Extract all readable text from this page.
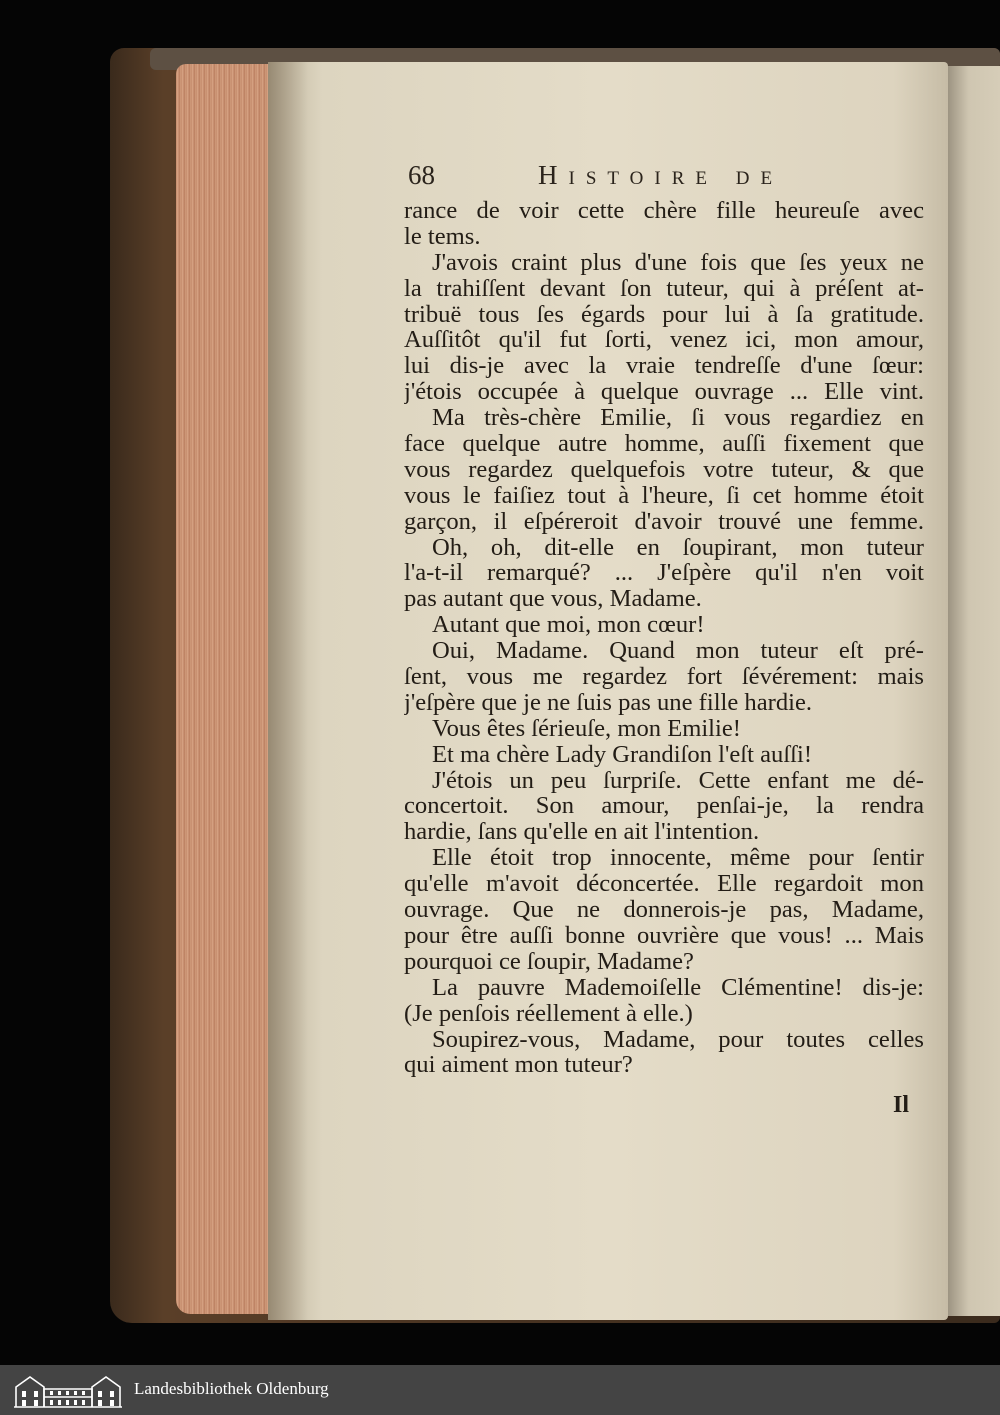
68	Histoire de
rance de voir cette chère fille heureuſe avec
le tems.
J'avois craint plus d'une fois que ſes yeux ne
la trahiſſent devant ſon tuteur, qui à préſent at-
tribuë tous ſes égards pour lui à ſa gratitude.
Auſſitôt qu'il fut ſorti, venez ici, mon amour,
lui dis-je avec la vraie tendreſſe d'une ſœur:
j'étois occupée à quelque ouvrage ... Elle vint.
Ma très-chère Emilie, ſi vous regardiez en
face quelque autre homme, auſſi fixement que
vous regardez quelquefois votre tuteur, & que
vous le faiſiez tout à l'heure, ſi cet homme étoit
garçon, il eſpéreroit d'avoir trouvé une femme.
Oh, oh, dit-elle en ſoupirant, mon tuteur
l'a-t-il remarqué? ... J'eſpère qu'il n'en voit
pas autant que vous, Madame.
Autant que moi, mon cœur!
Oui, Madame. Quand mon tuteur eſt pré-
ſent, vous me regardez fort ſévérement: mais
j'eſpère que je ne ſuis pas une fille hardie.
Vous êtes ſérieuſe, mon Emilie!
Et ma chère Lady Grandiſon l'eſt auſſi!
J'étois un peu ſurpriſe. Cette enfant me dé-
concertoit. Son amour, penſai-je, la rendra
hardie, ſans qu'elle en ait l'intention.
Elle étoit trop innocente, même pour ſentir
qu'elle m'avoit déconcertée. Elle regardoit mon
ouvrage. Que ne donnerois-je pas, Madame,
pour être auſſi bonne ouvrière que vous! ... Mais
pourquoi ce ſoupir, Madame?
La pauvre Mademoiſelle Clémentine! dis-je:
(Je penſois réellement à elle.)
Soupirez-vous, Madame, pour toutes celles
qui aiment mon tuteur?
Il
Landesbibliothek Oldenburg
